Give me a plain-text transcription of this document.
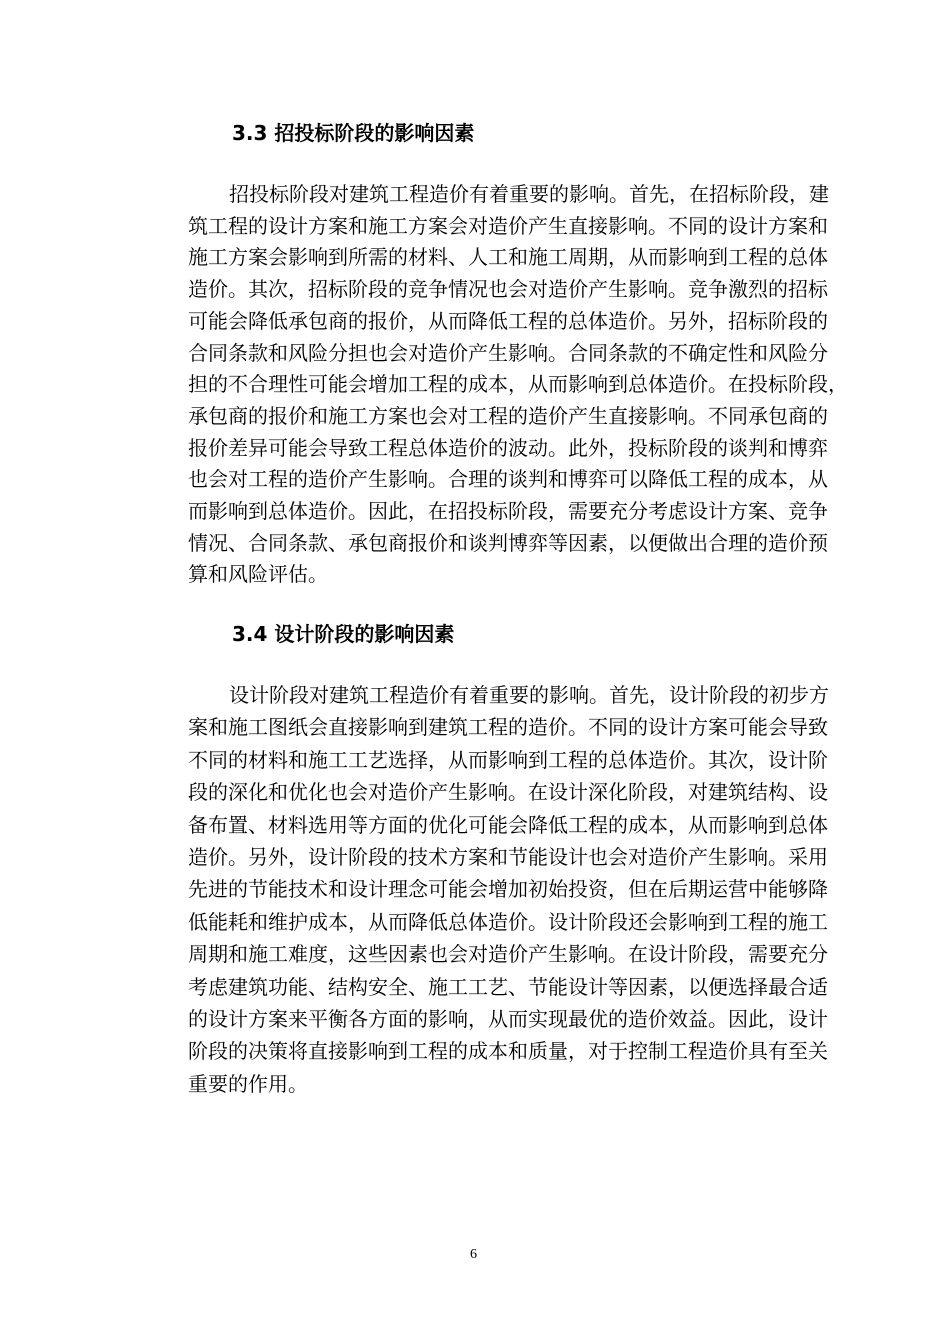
3.3 招投标阶段的影响因素
招投标阶段对建筑工程造价有着重要的影响。首先，在招标阶段，建
筑工程的设计方案和施工方案会对造价产生直接影响。不同的设计方案和
施工方案会影响到所需的材料、人工和施工周期，从而影响到工程的总体
造价。其次，招标阶段的竞争情况也会对造价产生影响。竞争激烈的招标
可能会降低承包商的报价，从而降低工程的总体造价。另外，招标阶段的
合同条款和风险分担也会对造价产生影响。合同条款的不确定性和风险分
担的不合理性可能会增加工程的成本，从而影响到总体造价。在投标阶段，
承包商的报价和施工方案也会对工程的造价产生直接影响。不同承包商的
报价差异可能会导致工程总体造价的波动。此外，投标阶段的谈判和博弈
也会对工程的造价产生影响。合理的谈判和博弈可以降低工程的成本，从
而影响到总体造价。因此，在招投标阶段，需要充分考虑设计方案、竞争
情况、合同条款、承包商报价和谈判博弈等因素，以便做出合理的造价预
算和风险评估。
3.4 设计阶段的影响因素
设计阶段对建筑工程造价有着重要的影响。首先，设计阶段的初步方
案和施工图纸会直接影响到建筑工程的造价。不同的设计方案可能会导致
不同的材料和施工工艺选择，从而影响到工程的总体造价。其次，设计阶
段的深化和优化也会对造价产生影响。在设计深化阶段，对建筑结构、设
备布置、材料选用等方面的优化可能会降低工程的成本，从而影响到总体
造价。另外，设计阶段的技术方案和节能设计也会对造价产生影响。采用
先进的节能技术和设计理念可能会增加初始投资，但在后期运营中能够降
低能耗和维护成本，从而降低总体造价。设计阶段还会影响到工程的施工
周期和施工难度，这些因素也会对造价产生影响。在设计阶段，需要充分
考虑建筑功能、结构安全、施工工艺、节能设计等因素，以便选择最合适
的设计方案来平衡各方面的影响，从而实现最优的造价效益。因此，设计
阶段的决策将直接影响到工程的成本和质量，对于控制工程造价具有至关
重要的作用。
6
